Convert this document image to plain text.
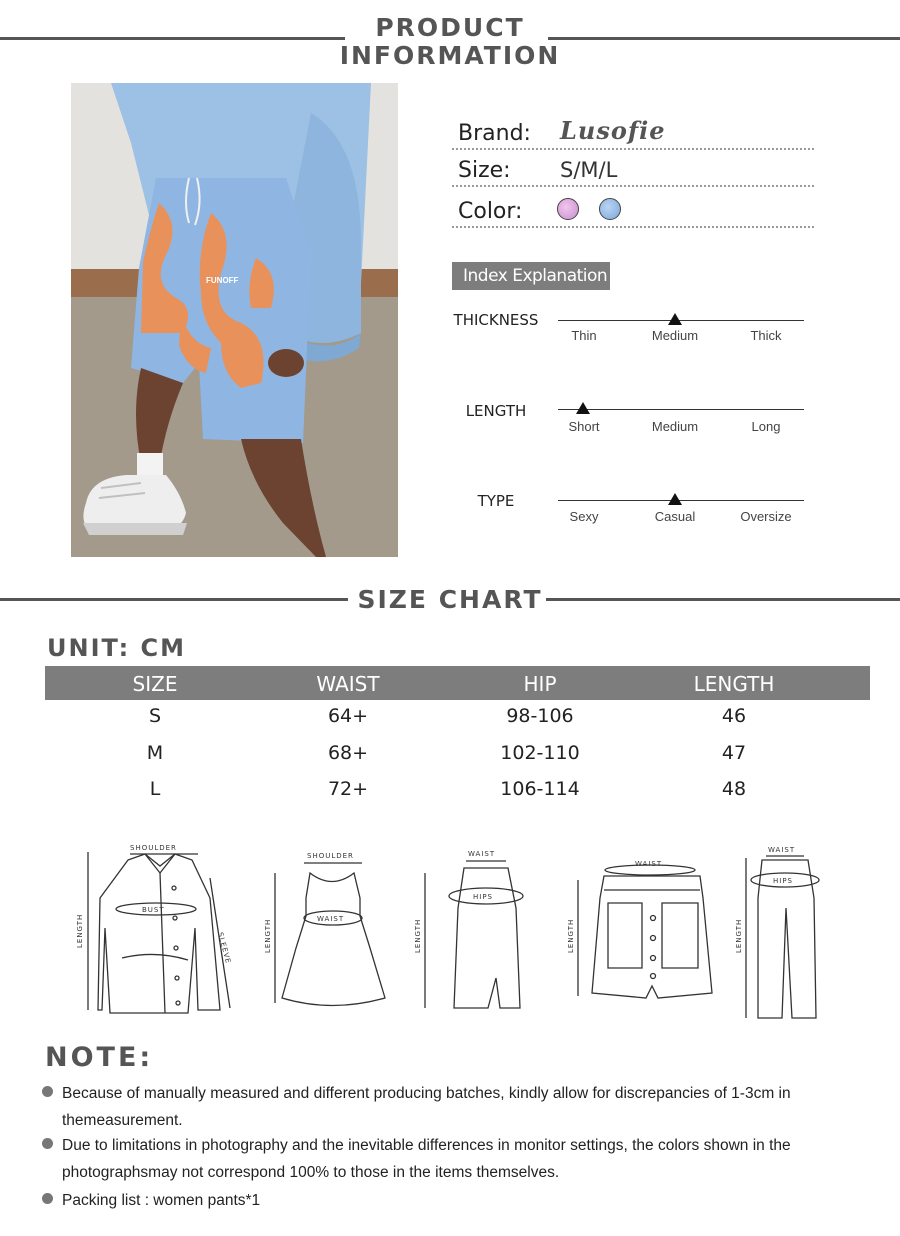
PRODUCT
INFORMATION
FUNOFF
Brand: Lusofie
Size: S/M/L
Color:
Index Explanation
THICKNESS
Thin	Medium	Thick
LENGTH
Short	Medium	Long
TYPE
Sexy	Casual	Oversize
SIZE CHART
UNIT: CM
SIZE	WAIST	HIP	LENGTH
S	64+	98-106	46
M	68+	102-110	47
L	72+	106-114	48
SHOULDER
LENGTH
BUST
SLEEVE
SHOULDER
LENGTH	WAIST
WAIST
LENGTH
HIPS
WAIST
LENGTH
WAIST
LENGTH
HIPS
NOTE:
Because of manually measured and different producing batches, kindly allow for discrepancies of 1-3cm in themeasurement.
Due to limitations in photography and the inevitable differences in monitor settings, the colors shown in the photographsmay not correspond 100% to those in the items themselves.
Packing list : women pants*1
